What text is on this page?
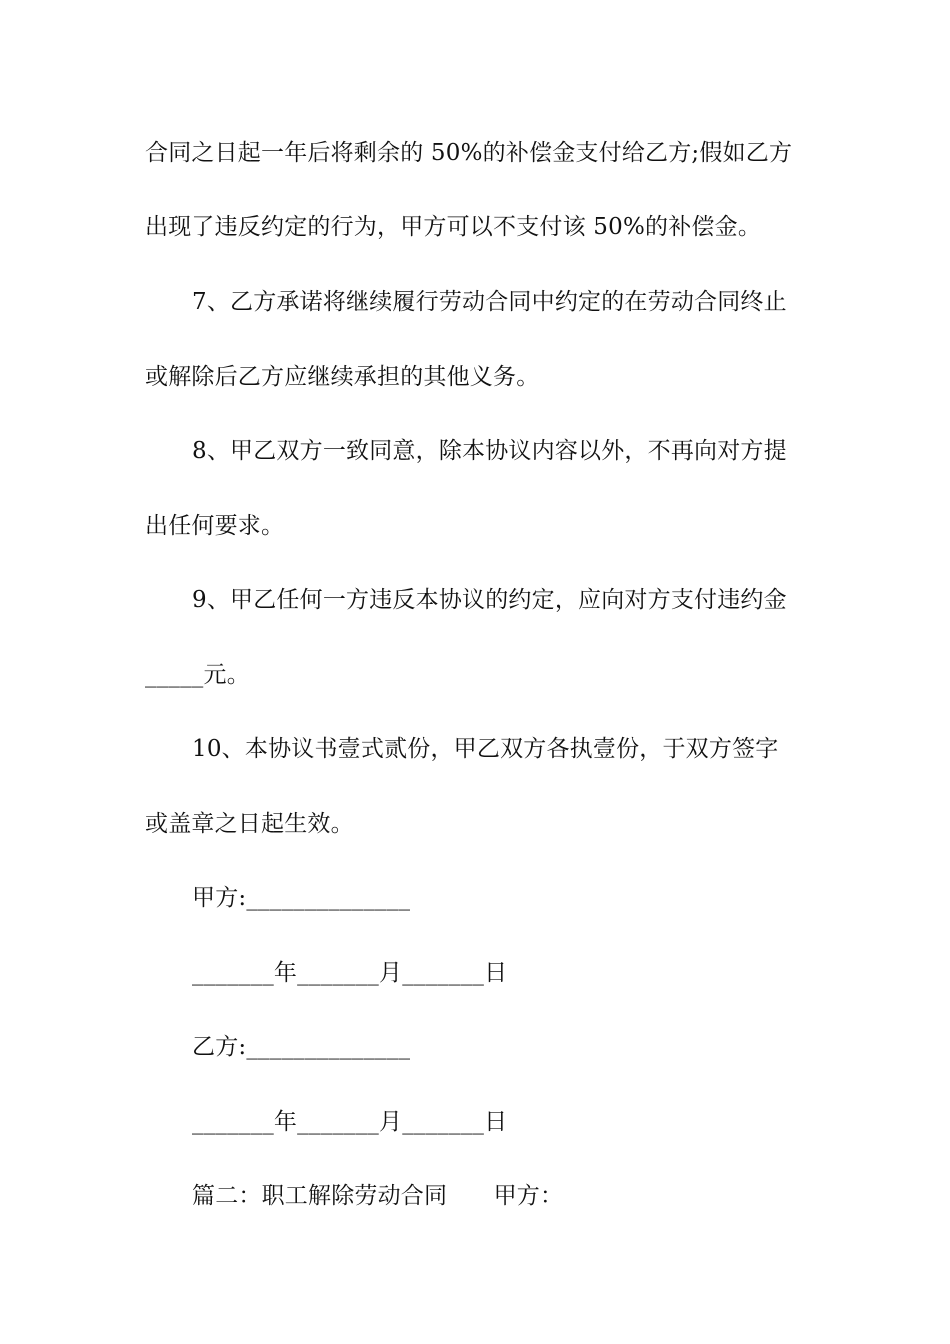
合同之日起一年后将剩余的 50%的补偿金支付给乙方;假如乙方
出现了违反约定的行为，甲方可以不支付该 50%的补偿金。
7、乙方承诺将继续履行劳动合同中约定的在劳动合同终止
或解除后乙方应继续承担的其他义务。
8、甲乙双方一致同意，除本协议内容以外，不再向对方提
出任何要求。
9、甲乙任何一方违反本协议的约定，应向对方支付违约金
_____元。
10、本协议书壹式贰份，甲乙双方各执壹份，于双方签字
或盖章之日起生效。
甲方:______________
_______年_______月_______日
乙方:______________
_______年_______月_______日
篇二：职工解除劳动合同　　甲方：
